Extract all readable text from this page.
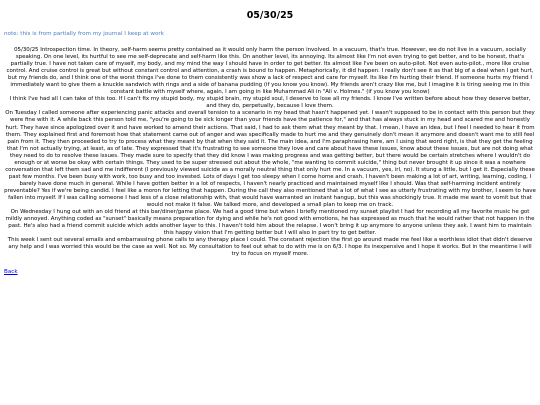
05/30/25
note: this is from partially from my journal I keep at work

05/30/25 Introspection time. In theory, self-harm seems pretty contained as it would only harm the person involved. In a vacuum, that's true. However, we do not live in a vacuum, socially speaking. On one level, its hurtful to see me self-deprecate and self-harm like this. On another level, its annoying. Its almost like I'm not even trying to get better, and to be honest, that's partially true. I have not taken care of myself, my body, and my mind the way I should have in order to get better. Its almost like I've been on auto-pilot. Not even auto-pilot., more like cruise control. And cruise control is great but without constant control and attention, a crash is bound to happen. Metaphorically, it did happen. I really don't see it as that big of a deal when I get hurt, but my friends do, and I think one of the worst things I've done to them consistently was show a lack of respect and care for myself. Its like I'm hurting their friend. If someone hurts my friend I immediately want to give them a knuckle sandwich with rings and a side of banana pudding (if you know you know). My friends aren't crazy like me, but I imagine it is tiring seeing me in this constant battle with myself where, again, I am going in like Muhammad Ali in "Ali v. Holmes." (if you know you know)

I think I've had all I can take of this too. If I can't fix my stupid body, my stupid brain, my stupid soul, I deserve to lose all my friends. I know I've written before about how they deserve better, and they do, perpetually, because I love them.

On Tuesday I called someone after experiencing panic attacks and overall tension to a scenario in my head that hasn't happened yet. I wasn't supposed to be in contact with this person but they were fine with it. A while back this person told me, "you're going to be sick longer than your friends have the patience for," and that has always stuck in my head and scared me and honestly hurt. They have since apologized over it and have worked to amend their actions. That said, I had to ask them what they meant by that. I mean, I have an idea, but I feel I needed to hear it from them. They explained first and foremost how that statement came out of anger and was specifically made to hurt me and they genuinely don't mean it anymore and doesn't want me to still feel pain from it. They then proceeded to try to process what they meant by that when they said it. The main idea, and I'm paraphrasing here, am I using that word right, is that they get the feeling that I'm not actually trying, at least, as of late. They expressed that it's frustrating to see someone they love and care about have these issues, know about these issues, but are not doing what they need to do to resolve these issues. They made sure to specify that they did know I was making progress and was getting better, but there would be certain stretches where I wouldn't do enough or at worse be okay with certain things. They used to be super stressed out about the whole, "me wanting to commit suicide," thing but never brought it up since it was a nowhere conversation that left them sad and me indifferent (I previously viewed suicide as a morally neutral thing that only hurt me. In a vacuum, yes, irl, no). It stung a little, but I get it. Especially these past few months. I've been busy with work, too busy and too invested. Lots of days I get too sleepy when I come home and crash. I haven't been making a lot of art, writing, learning, coding, I barely have done much in general. While I have gotten better in a lot of respects, I haven't nearly practiced and maintained myself like I should. Was that self-harming incident entirely preventable? Yes if we're being candid. I feel like a moron for letting that happen. During the call they also mentioned that a lot of what I see as utterly frustrating with my brother, I seem to have fallen into myself. If I was calling someone I had less of a close relationship with, that would have warranted an instant hangup, but this was shockingly true. It made me want to vomit but that would not make it false. We talked more, and developed a small plan to keep me on track.

On Wednesday I hung out with an old friend at this bar/diner/game place. We had a good time but when I briefly mentioned my sunset playlist I had for recording all my favorite music he got mildly annoyed. Anything coded as "sunset" basically means preparation for dying and while he's not good with emotions, he has expressed as much that he would rather that not happen in the past. He's also had a friend commit suicide which adds another layer to this. I haven't told him about the relapse. I won't bring it up anymore to anyone unless they ask. I want him to maintain this happy vision that I'm getting better but I will also in part try to get better.

This week I sent out several emails and embarrassing phone calls to any therapy place I could. The constant rejection the first go around made me feel like a worthless idiot that didn't deserve any help and I was worried this would be the case as well. Not so. My consultation to feel out what to do with me is on 6/3. I hope its inexpensive and I hope it works. But in the meantime I will try to focus on myself more.

Back
